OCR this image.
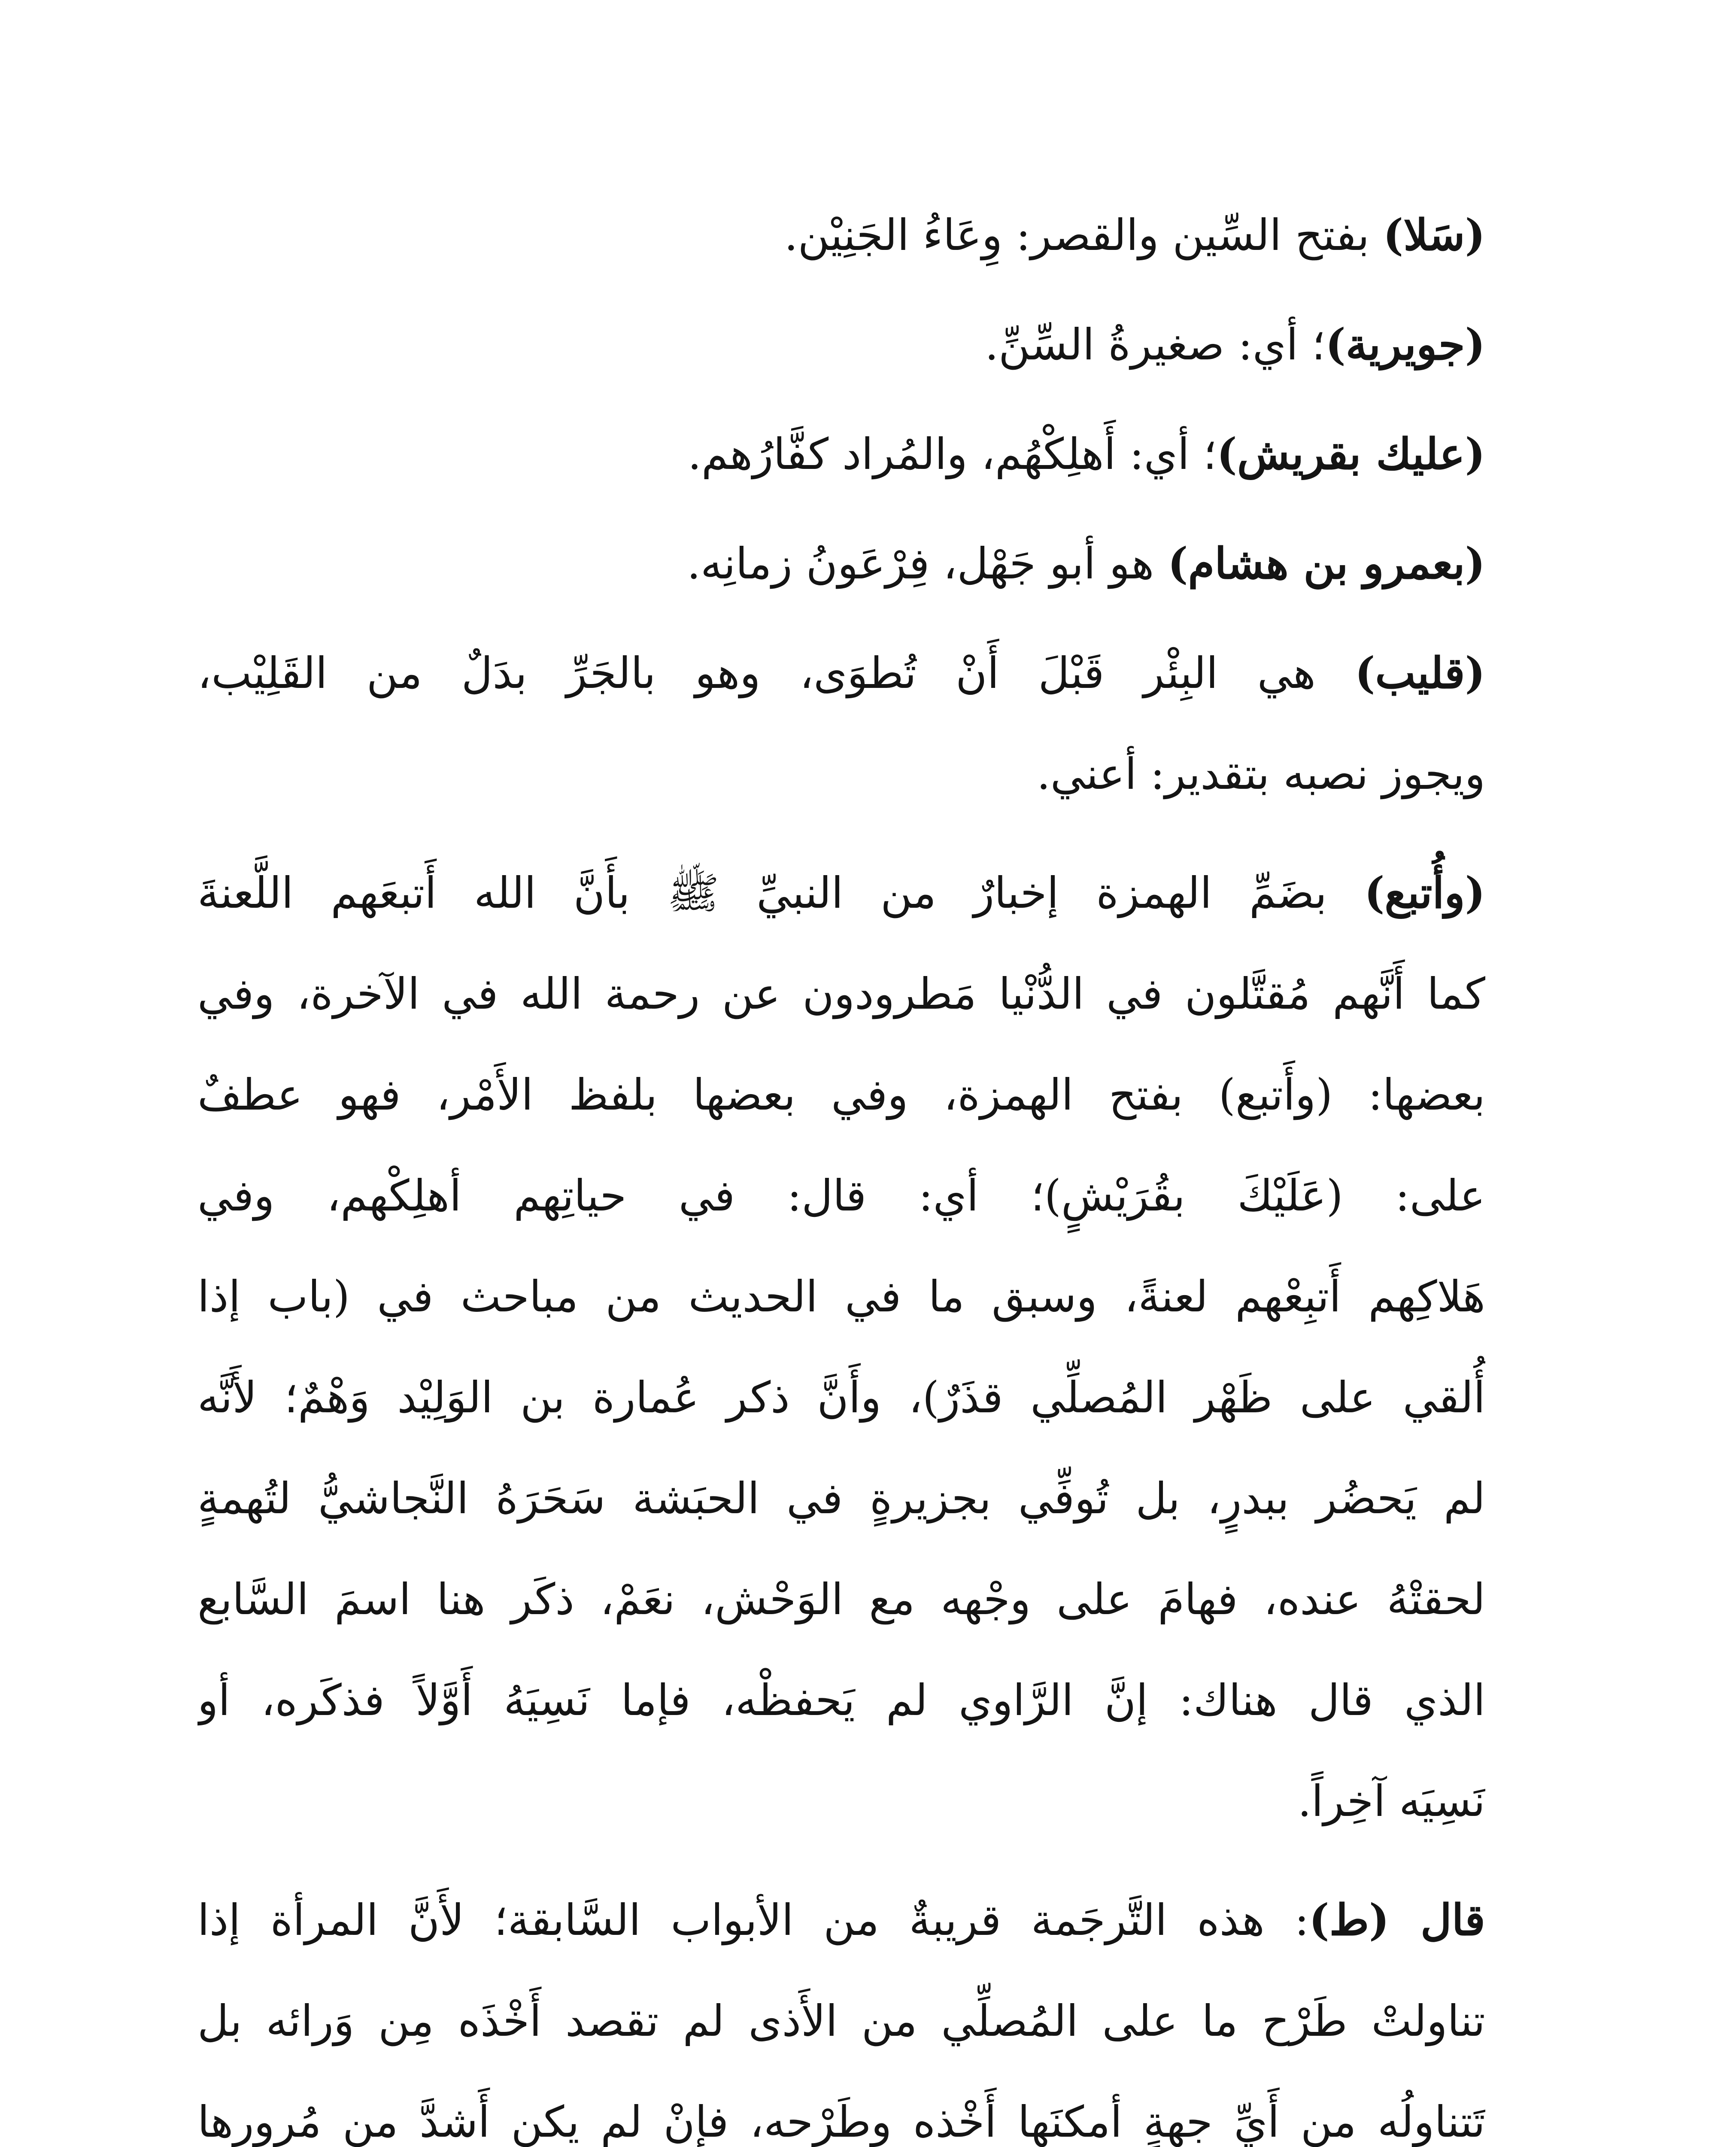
(سَلا) بفتح السِّين والقصر: وِعَاءُ الجَنِيْن.
(جويرية)؛ أي: صغيرةُ السِّنِّ.
(عليك بقريش)؛ أي: أَهلِكْهُم، والمُراد كفَّارُهم.
(بعمرو بن هشام) هو أبو جَهْل، فِرْعَونُ زمانِه.
(قليب) هي البِئْر قَبْلَ أَنْ تُطوَى، وهو بالجَرِّ بدَلٌ من القَلِيْب،
ويجوز نصبه بتقدير: أعني.
(وأُتبع) بضَمِّ الهمزة إخبارٌ من النبيِّ ﷺ بأَنَّ الله أَتبعَهم اللَّعنةَ
كما أَنَّهم مُقتَّلون في الدُّنْيا مَطرودون عن رحمة الله في الآخرة، وفي
بعضها: (وأَتبع) بفتح الهمزة، وفي بعضها بلفظ الأَمْر، فهو عطفٌ
على: (عَلَيْكَ بقُرَيْشٍ)؛ أي: قال: في حياتِهم أهلِكْهم، وفي
هَلاكِهم أَتبِعْهم لعنةً، وسبق ما في الحديث من مباحث في (باب إذا
أُلقي على ظَهْر المُصلِّي قذَرٌ)، وأَنَّ ذكر عُمارة بن الوَلِيْد وَهْمٌ؛ لأَنَّه
لم يَحضُر ببدرٍ، بل تُوفِّي بجزيرةٍ في الحبَشة سَحَرَهُ النَّجاشيُّ لتُهمةٍ
لحقتْهُ عنده، فهامَ على وجْهه مع الوَحْش، نعَمْ، ذكَر هنا اسمَ السَّابع
الذي قال هناك: إنَّ الرَّاوي لم يَحفظْه، فإما نَسِيَهُ أَوَّلاً فذكَره، أو
نَسِيَه آخِراً.
قال (ط): هذه التَّرجَمة قريبةٌ من الأبواب السَّابقة؛ لأَنَّ المرأة إذا
تناولتْ طَرْح ما على المُصلِّي من الأَذى لم تقصد أَخْذَه مِن وَرائه بل
تَتناولُه من أَيِّ جهةٍ أمكنَها أَخْذه وطَرْحه، فإِنْ لم يكن أَشدَّ من مُرورها
